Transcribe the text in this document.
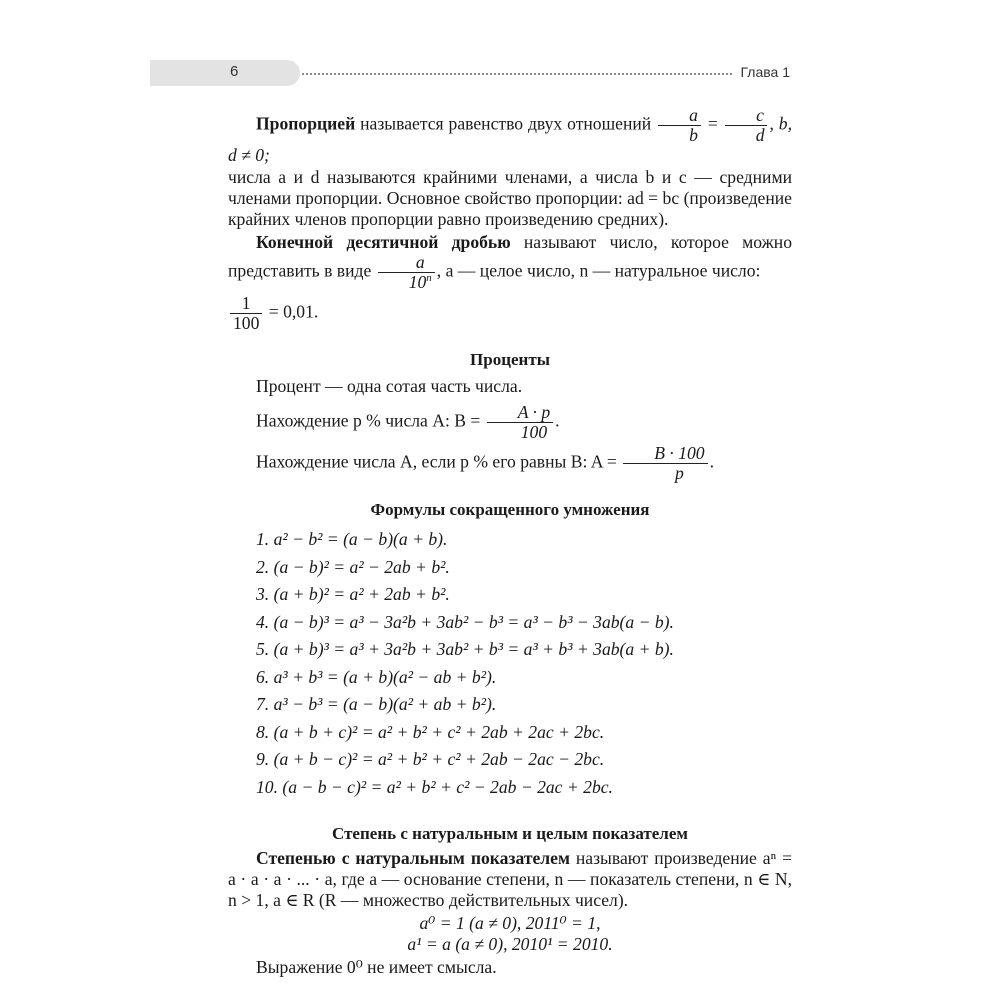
6	Глава 1

Пропорцией называется равенство двух отношений $\frac{a}{b} = \frac{c}{d}$ , b, d ≠ 0;

числа a и d называются крайними членами, а числа b и c — средними членами пропорции. Основное свойство пропорции: ad = bc (произведение крайних членов пропорции равно произведению средних).

Конечной десятичной дробью называют число, которое можно представить в виде $\frac{a}{10^n}$ , a — целое число, n — натуральное число:

$\frac{1}{100} = 0,01$.

Проценты

Процент — одна сотая часть числа.

Нахождение p % числа A: $B = \frac{A \cdot p}{100}$ .

Нахождение числа A, если p % его равны B: $A = \frac{B \cdot 100}{p}$ .

Формулы сокращенного умножения
1. a² − b² = (a − b)(a + b).
2. (a − b)² = a² − 2ab + b².
3. (a + b)² = a² + 2ab + b².
4. (a − b)³ = a³ − 3a²b + 3ab² − b³ = a³ − b³ − 3ab(a − b).
5. (a + b)³ = a³ + 3a²b + 3ab² + b³ = a³ + b³ + 3ab(a + b).
6. a³ + b³ = (a + b)(a² − ab + b²).
7. a³ − b³ = (a − b)(a² + ab + b²).
8. (a + b + c)² = a² + b² + c² + 2ab + 2ac + 2bc.
9. (a + b − c)² = a² + b² + c² + 2ab − 2ac − 2bc.
10. (a − b − c)² = a² + b² + c² − 2ab − 2ac + 2bc.
Степень с натуральным и целым показателем

Степенью с натуральным показателем называют произведение aⁿ = a · a · a · ... · a, где a — основание степени, n — показатель степени, n ∈ N, n > 1, a ∈ R (R — множество действительных чисел).

a⁰ = 1 (a ≠ 0), 2011⁰ = 1,

a¹ = a (a ≠ 0), 2010¹ = 2010.

Выражение 0⁰ не имеет смысла.
